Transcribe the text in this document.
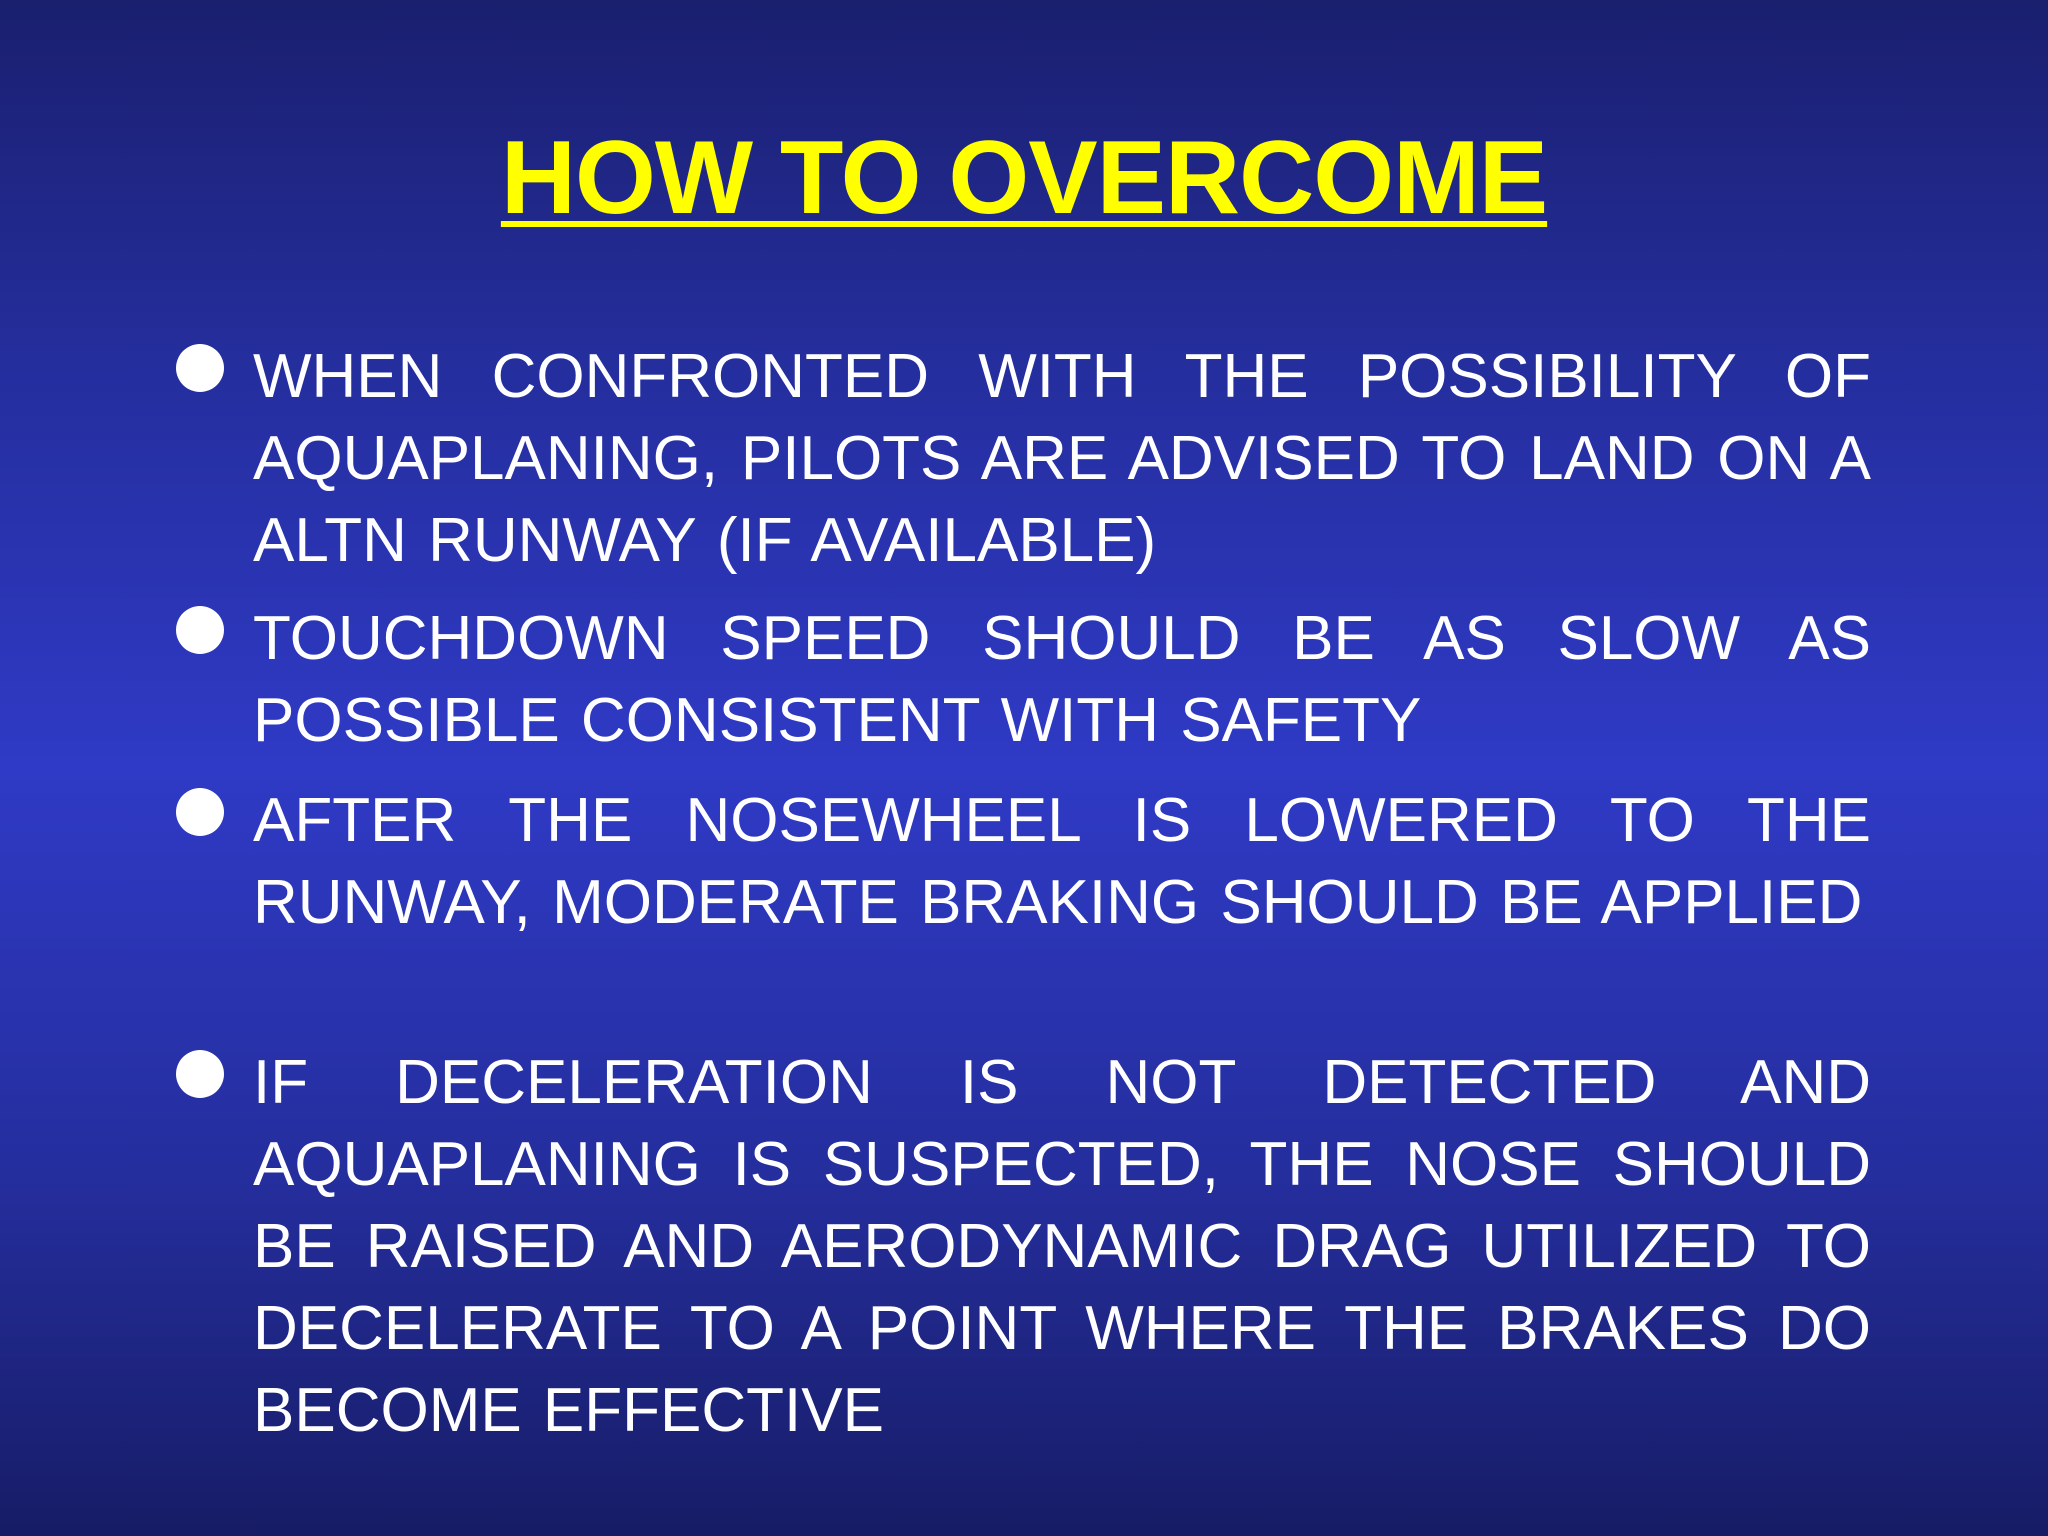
HOW TO OVERCOME
WHEN CONFRONTED WITH THE POSSIBILITY OF AQUAPLANING, PILOTS ARE ADVISED TO LAND ON A ALTN RUNWAY (IF AVAILABLE)
TOUCHDOWN SPEED SHOULD BE AS SLOW AS POSSIBLE CONSISTENT WITH SAFETY
AFTER THE NOSEWHEEL IS LOWERED TO THE RUNWAY, MODERATE BRAKING SHOULD BE APPLIED
IF DECELERATION IS NOT DETECTED AND AQUAPLANING IS SUSPECTED, THE NOSE SHOULD BE RAISED AND AERODYNAMIC DRAG UTILIZED TO DECELERATE TO A POINT WHERE THE BRAKES DO BECOME EFFECTIVE
